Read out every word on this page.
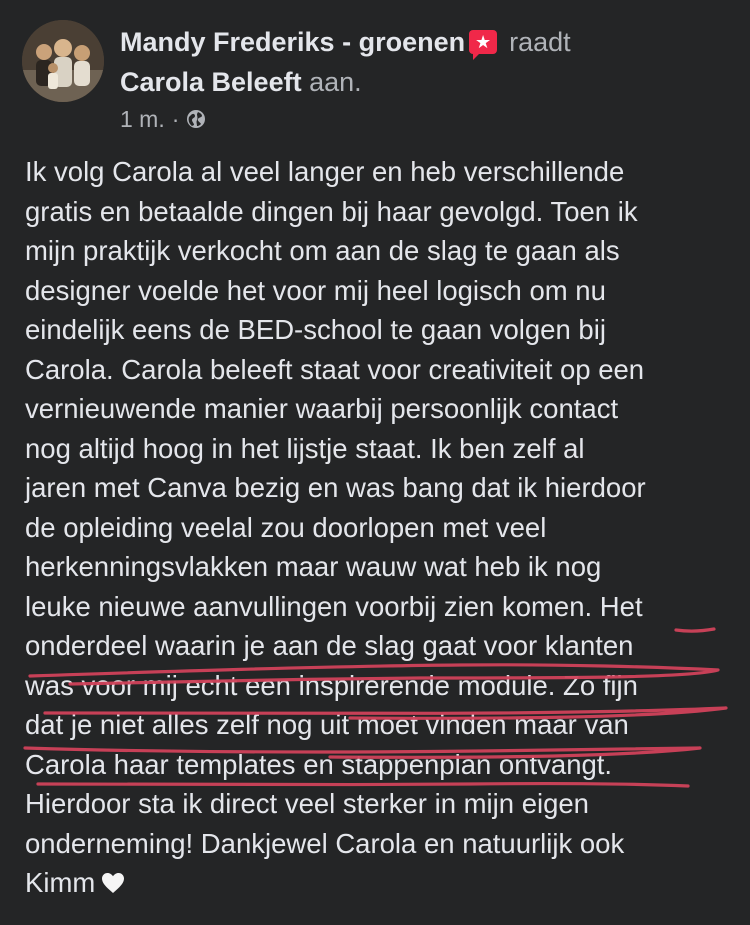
Mandy Frederiks - groenen ★ raadt
Carola Beleeft aan.
1 m. ·
Ik volg Carola al veel langer en heb verschillende
gratis en betaalde dingen bij haar gevolgd. Toen ik
mijn praktijk verkocht om aan de slag te gaan als
designer voelde het voor mij heel logisch om nu
eindelijk eens de BED-school te gaan volgen bij
Carola. Carola beleeft staat voor creativiteit op een
vernieuwende manier waarbij persoonlijk contact
nog altijd hoog in het lijstje staat. Ik ben zelf al
jaren met Canva bezig en was bang dat ik hierdoor
de opleiding veelal zou doorlopen met veel
herkenningsvlakken maar wauw wat heb ik nog
leuke nieuwe aanvullingen voorbij zien komen. Het
onderdeel waarin je aan de slag gaat voor klanten
was voor mij echt een inspirerende module. Zo fijn
dat je niet alles zelf nog uit moet vinden maar van
Carola haar templates en stappenplan ontvangt.
Hierdoor sta ik direct veel sterker in mijn eigen
onderneming! Dankjewel Carola en natuurlijk ook
Kimm
